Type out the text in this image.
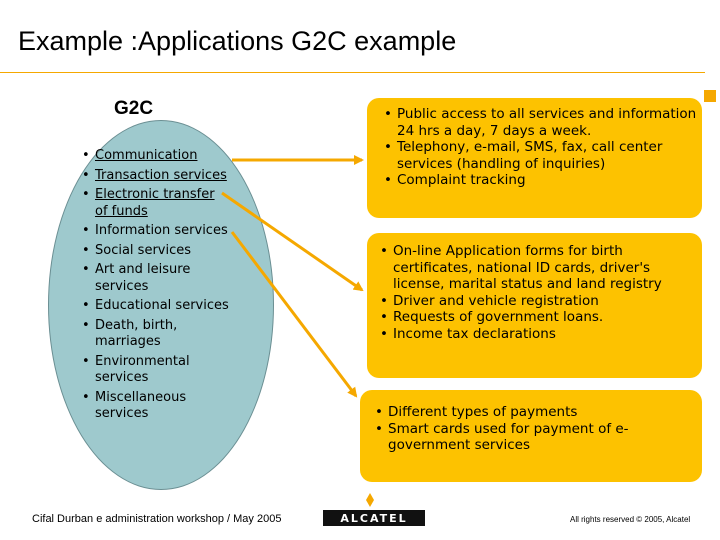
Example :Applications G2C example
G2C
• Communication
• Transaction services
• Electronic transfer of funds
• Information services
• Social services
• Art and leisure services
• Educational services
• Death, birth, marriages
• Environmental services
• Miscellaneous services
• Public access to all services and information 24 hrs a day, 7 days a week.
• Telephony, e-mail, SMS, fax, call center services (handling of inquiries)
• Complaint tracking
• On-line Application forms for birth certificates, national ID cards, driver's license, marital status and land registry
• Driver and vehicle registration
• Requests of government loans.
• Income tax declarations
• Different types of payments
• Smart cards used for payment of e-government services
Cifal Durban e administration workshop / May 2005	ALCATEL	All rights reserved © 2005, Alcatel
